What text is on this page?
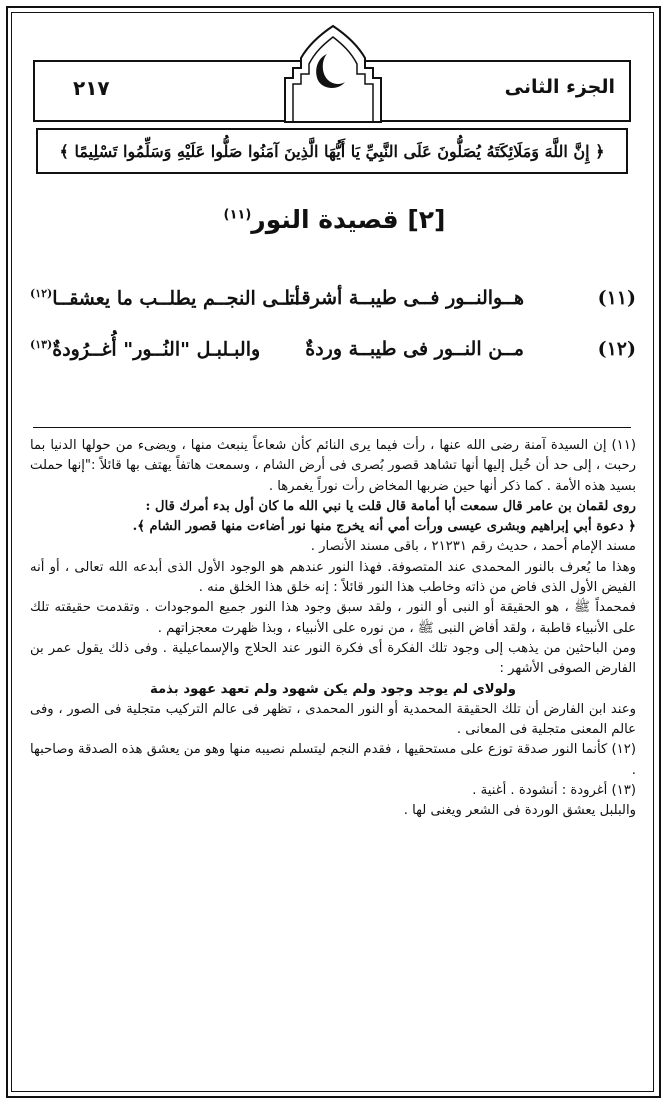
الجزء الثانى
٢١٧
﴿ إِنَّ اللَّهَ وَمَلَائِكَتَهُ يُصَلُّونَ عَلَى النَّبِيِّ يَا أَيُّهَا الَّذِينَ آمَنُوا صَلُّوا عَلَيْهِ وَسَلِّمُوا تَسْلِيمًا ﴾
[٢] قصيدة النور$^{(١١)}$
(١١)
هــوالنــور فــى طيبــة أشرقــا
أتــى النجــم يطلــب ما يعشقــا$^{(١٢)}$
(١٢)
مــن النــور فى طيبــة وردةٌ
والبـلبـل "النُــور" أُغــرُودةٌ$^{(١٣)}$

(١١) إن السيدة آمنة رضى الله عنها ، رأت فيما يرى النائم كأن شعاعاً ينبعث منها ، ويضىء من حولها الدنيا بما رحبت ، إلى حد أن خُيل إليها أنها تشاهد قصور بُصرى فى أرض الشام ، وسمعت هاتفاً يهتف بها قائلاً :"إنها حملت بسيد هذه الأمة . كما ذكر أنها حين ضربها المخاض رأت نوراً يغمرها .

روى لقمان بن عامر قال سمعت أبا أمامة قال قلت يا نبي الله ما كان أول بدء أمرك قال :

﴿ دعوة أبي إبراهيم وبشرى عيسى ورأت أمي أنه يخرج منها نور أضاءت منها قصور الشام ﴾.

مسند الإمام أحمد ، حديث رقم ٢١٢٣١ ، باقى مسند الأنصار .

وهذا ما يُعرف بالنور المحمدى عند المتصوفة. فهذا النور عندهم هو الوجود الأول الذى أبدعه الله تعالى ، أو أنه الفيض الأول الذى فاض من ذاته وخاطب هذا النور قائلاً : إنه خلق هذا الخلق منه .

فمحمداً ﷺ ، هو الحقيقة أو النبى أو النور ، ولقد سبق وجود هذا النور جميع الموجودات . وتقدمت حقيقته تلك على الأنبياء قاطبة ، ولقد أفاض النبى ﷺ ، من نوره على الأنبياء ، وبذا ظهرت معجزاتهم .

ومن الباحثين من يذهب إلى وجود تلك الفكرة أى فكرة النور عند الحلاج والإسماعيلية . وفى ذلك يقول عمر بن الفارض الصوفى الأشهر :

ولولاى لم يوجد وجود ولم يكن شهود ولم تعهد عهود بذمة

وعند ابن الفارض أن تلك الحقيقة المحمدية أو النور المحمدى ، تظهر فى عالم التركيب متجلية فى الصور ، وفى عالم المعنى متجلية فى المعانى .

(١٢) كأنما النور صدقة توزع على مستحقيها ، فقدم النجم ليتسلم نصيبه منها وهو من يعشق هذه الصدقة وصاحبها .

(١٣) أغرودة : أنشودة . أغنية .

والبلبل يعشق الوردة فى الشعر ويغنى لها .
